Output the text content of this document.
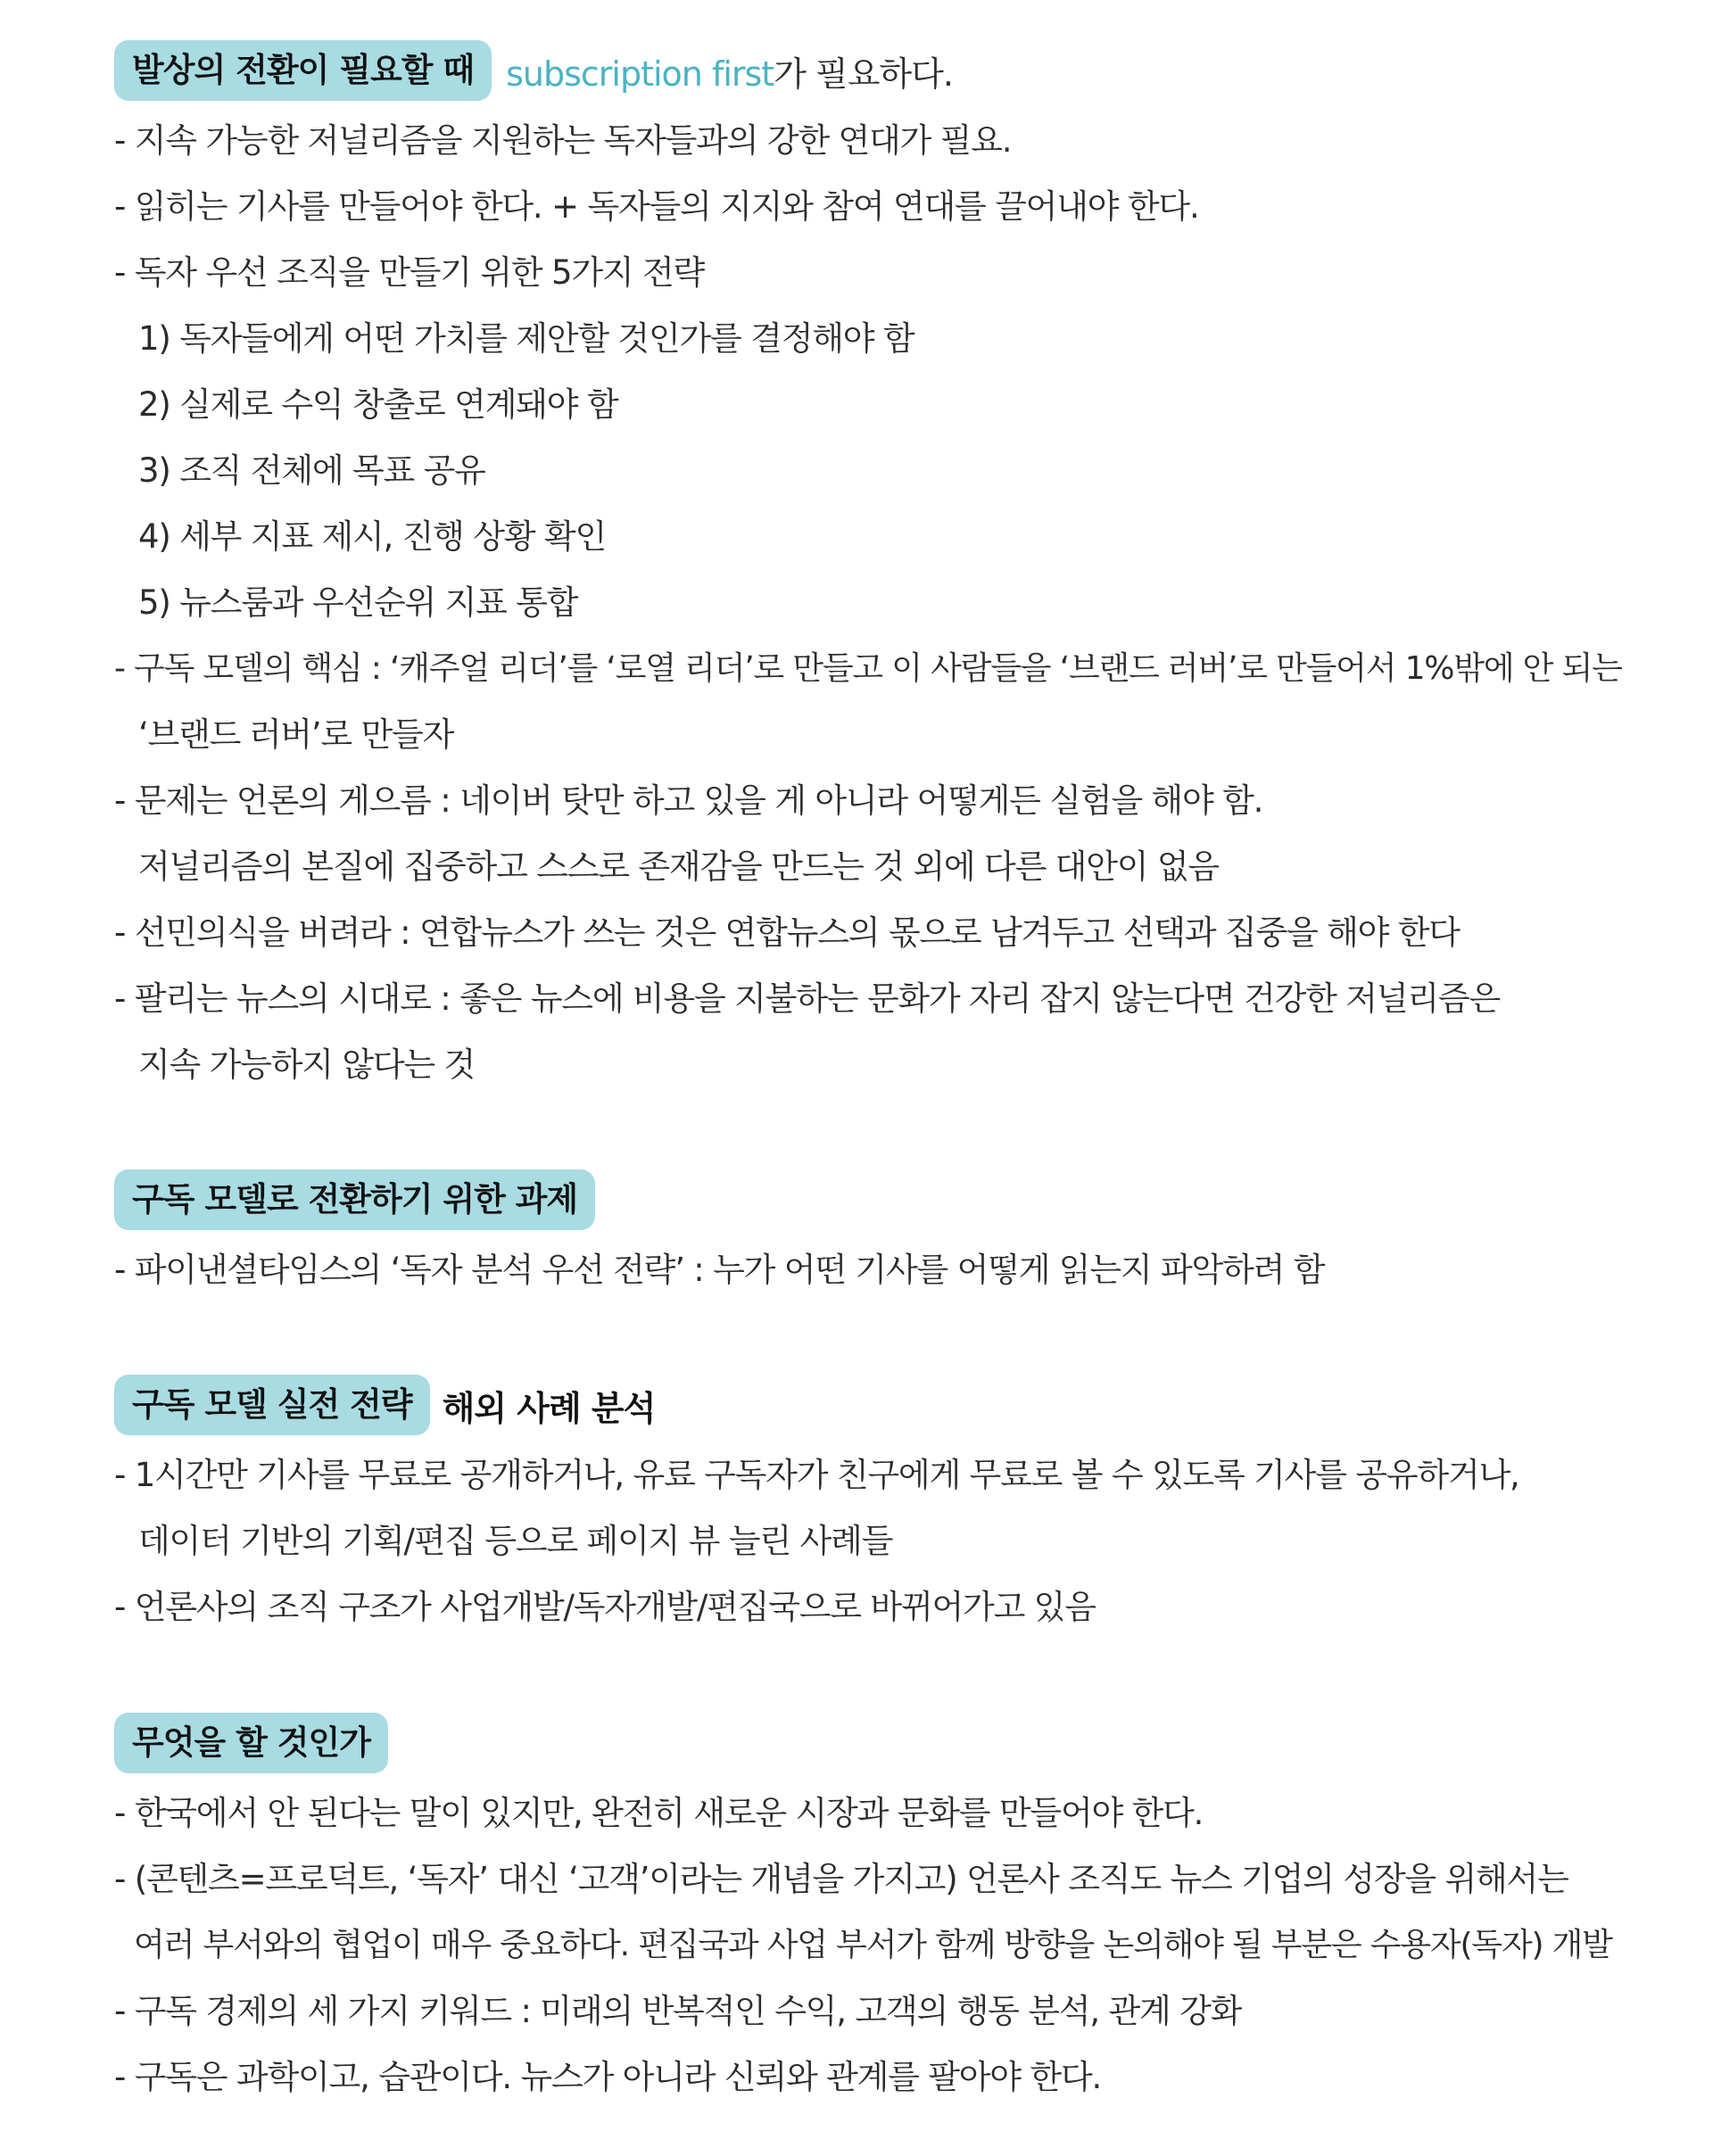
발상의 전환이 필요할 때 subscription first가 필요하다.
- 지속 가능한 저널리즘을 지원하는 독자들과의 강한 연대가 필요.
- 읽히는 기사를 만들어야 한다. + 독자들의 지지와 참여 연대를 끌어내야 한다.
- 독자 우선 조직을 만들기 위한 5가지 전략
1) 독자들에게 어떤 가치를 제안할 것인가를 결정해야 함
2) 실제로 수익 창출로 연계돼야 함
3) 조직 전체에 목표 공유
4) 세부 지표 제시, 진행 상황 확인
5) 뉴스룸과 우선순위 지표 통합
- 구독 모델의 핵심 : ‘캐주얼 리더’를 ‘로열 리더’로 만들고 이 사람들을 ‘브랜드 러버’로 만들어서 1%밖에 안 되는
‘브랜드 러버’로 만들자
- 문제는 언론의 게으름 : 네이버 탓만 하고 있을 게 아니라 어떻게든 실험을 해야 함.
저널리즘의 본질에 집중하고 스스로 존재감을 만드는 것 외에 다른 대안이 없음
- 선민의식을 버려라 : 연합뉴스가 쓰는 것은 연합뉴스의 몫으로 남겨두고 선택과 집중을 해야 한다
- 팔리는 뉴스의 시대로 : 좋은 뉴스에 비용을 지불하는 문화가 자리 잡지 않는다면 건강한 저널리즘은
지속 가능하지 않다는 것
구독 모델로 전환하기 위한 과제
- 파이낸셜타임스의 ‘독자 분석 우선 전략’ : 누가 어떤 기사를 어떻게 읽는지 파악하려 함
구독 모델 실전 전략 해외 사례 분석
- 1시간만 기사를 무료로 공개하거나, 유료 구독자가 친구에게 무료로 볼 수 있도록 기사를 공유하거나,
데이터 기반의 기획/편집 등으로 페이지 뷰 늘린 사례들
- 언론사의 조직 구조가 사업개발/독자개발/편집국으로 바뀌어가고 있음
무엇을 할 것인가
- 한국에서 안 된다는 말이 있지만, 완전히 새로운 시장과 문화를 만들어야 한다.
- (콘텐츠=프로덕트, ‘독자’ 대신 ‘고객’이라는 개념을 가지고) 언론사 조직도 뉴스 기업의 성장을 위해서는
여러 부서와의 협업이 매우 중요하다. 편집국과 사업 부서가 함께 방향을 논의해야 될 부분은 수용자(독자) 개발
- 구독 경제의 세 가지 키워드 : 미래의 반복적인 수익, 고객의 행동 분석, 관계 강화
- 구독은 과학이고, 습관이다. 뉴스가 아니라 신뢰와 관계를 팔아야 한다.
